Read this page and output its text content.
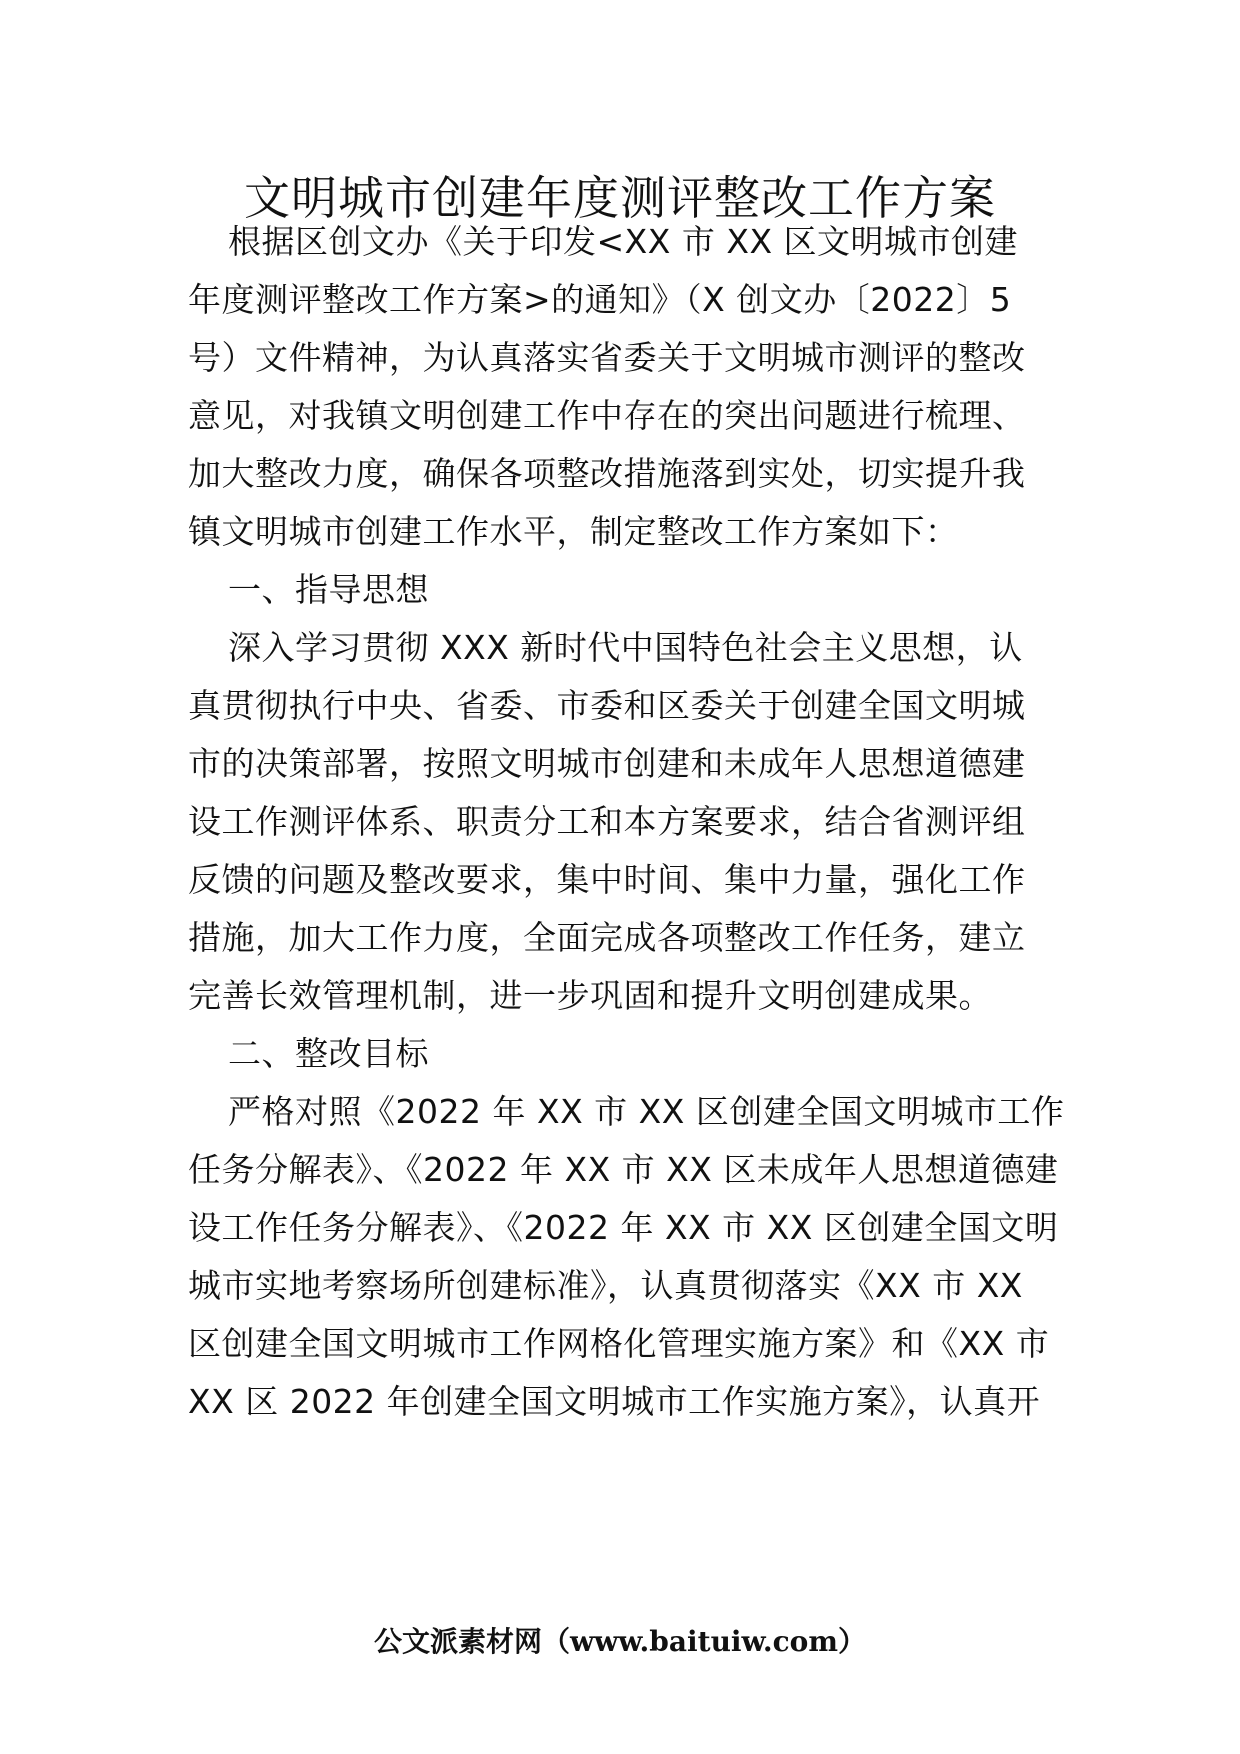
文明城市创建年度测评整改工作方案
根据区创文办《关于印发<XX 市 XX 区文明城市创建
年度测评整改工作方案>的通知》（X 创文办〔2022〕5
号）文件精神，为认真落实省委关于文明城市测评的整改
意见，对我镇文明创建工作中存在的突出问题进行梳理、
加大整改力度，确保各项整改措施落到实处，切实提升我
镇文明城市创建工作水平，制定整改工作方案如下：
一、指导思想
深入学习贯彻 XXX 新时代中国特色社会主义思想，认
真贯彻执行中央、省委、市委和区委关于创建全国文明城
市的决策部署，按照文明城市创建和未成年人思想道德建
设工作测评体系、职责分工和本方案要求，结合省测评组
反馈的问题及整改要求，集中时间、集中力量，强化工作
措施，加大工作力度，全面完成各项整改工作任务，建立
完善长效管理机制，进一步巩固和提升文明创建成果。
二、整改目标
严格对照《2022 年 XX 市 XX 区创建全国文明城市工作
任务分解表》、《2022 年 XX 市 XX 区未成年人思想道德建
设工作任务分解表》、《2022 年 XX 市 XX 区创建全国文明
城市实地考察场所创建标准》，认真贯彻落实《XX 市 XX
区创建全国文明城市工作网格化管理实施方案》和《XX 市
XX 区 2022 年创建全国文明城市工作实施方案》，认真开
公文派素材网（www.baituiw.com）
